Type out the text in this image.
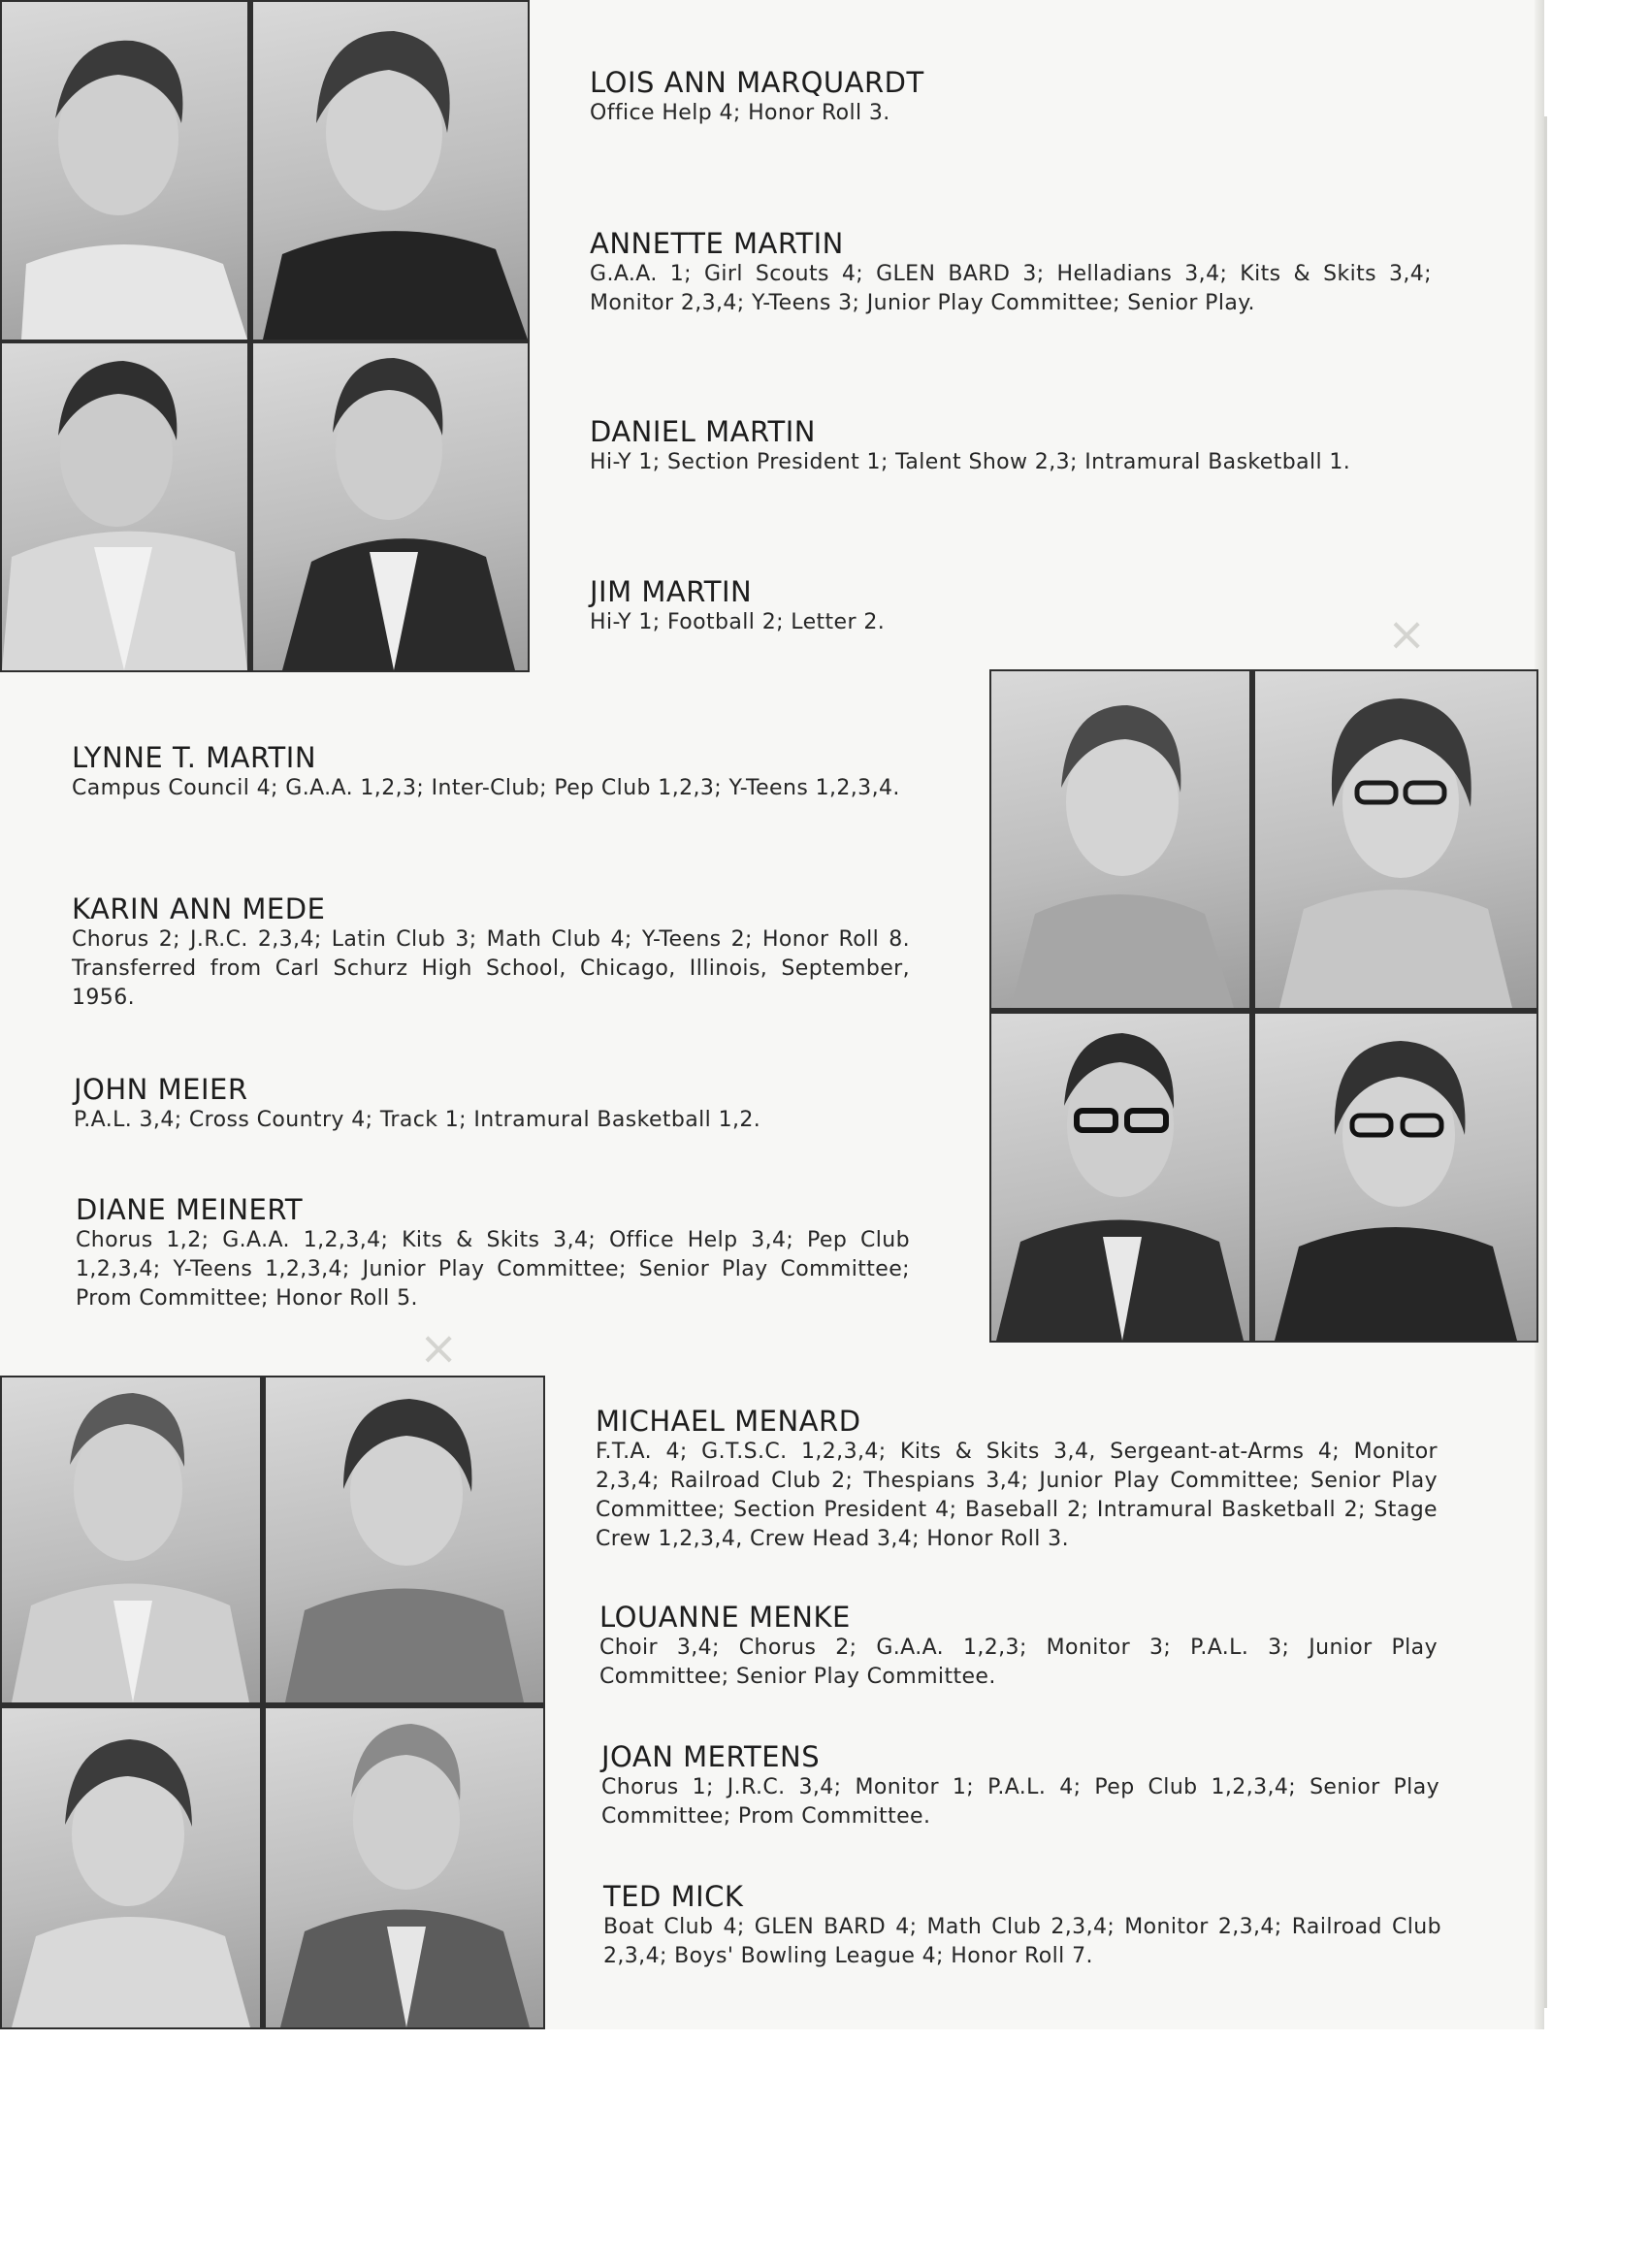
×
×
LOIS ANN MARQUARDT
Office Help 4; Honor Roll 3.
ANNETTE MARTIN
G.A.A. 1; Girl Scouts 4; GLEN BARD 3; Helladians 3,4; Kits & Skits 3,4; Monitor 2,3,4; Y-Teens 3; Junior Play Committee; Senior Play.
DANIEL MARTIN
Hi-Y 1; Section President 1; Talent Show 2,3; Intramural Basketball 1.
JIM MARTIN
Hi-Y 1; Football 2; Letter 2.
LYNNE T. MARTIN
Campus Council 4; G.A.A. 1,2,3; Inter-Club; Pep Club 1,2,3; Y-Teens 1,2,3,4.
KARIN ANN MEDE
Chorus 2; J.R.C. 2,3,4; Latin Club 3; Math Club 4; Y-Teens 2; Honor Roll 8. Transferred from Carl Schurz High School, Chicago, Illinois, September, 1956.
JOHN MEIER
P.A.L. 3,4; Cross Country 4; Track 1; Intramural Basketball 1,2.
DIANE MEINERT
Chorus 1,2; G.A.A. 1,2,3,4; Kits & Skits 3,4; Office Help 3,4; Pep Club 1,2,3,4; Y-Teens 1,2,3,4; Junior Play Committee; Senior Play Committee; Prom Committee; Honor Roll 5.
MICHAEL MENARD
F.T.A. 4; G.T.S.C. 1,2,3,4; Kits & Skits 3,4, Sergeant-at-Arms 4; Monitor 2,3,4; Railroad Club 2; Thespians 3,4; Junior Play Committee; Senior Play Committee; Section President 4; Baseball 2; Intramural Basketball 2; Stage Crew 1,2,3,4, Crew Head 3,4; Honor Roll 3.
LOUANNE MENKE
Choir 3,4; Chorus 2; G.A.A. 1,2,3; Monitor 3; P.A.L. 3; Junior Play Committee; Senior Play Committee.
JOAN MERTENS
Chorus 1; J.R.C. 3,4; Monitor 1; P.A.L. 4; Pep Club 1,2,3,4; Senior Play Committee; Prom Committee.
TED MICK
Boat Club 4; GLEN BARD 4; Math Club 2,3,4; Monitor 2,3,4; Railroad Club 2,3,4; Boys' Bowling League 4; Honor Roll 7.
